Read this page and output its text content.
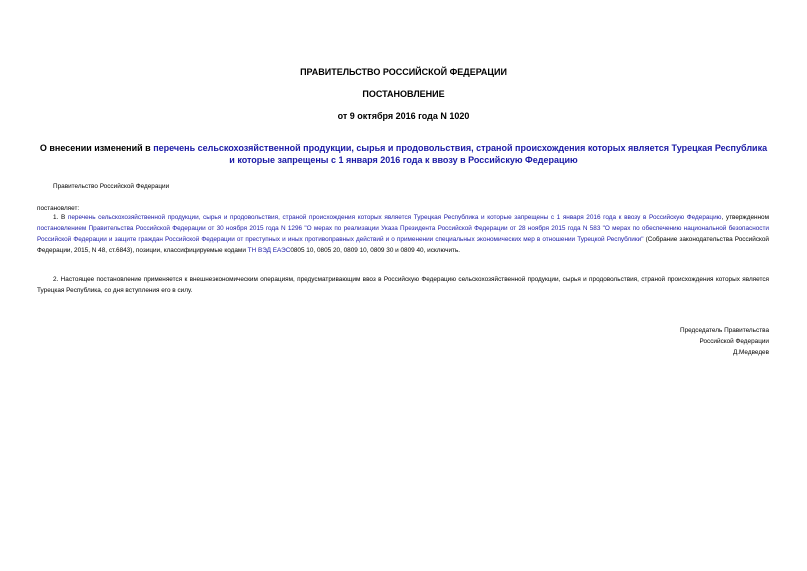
ПРАВИТЕЛЬСТВО РОССИЙСКОЙ ФЕДЕРАЦИИ
ПОСТАНОВЛЕНИЕ
от 9 октября 2016 года N 1020
О внесении изменений в перечень сельскохозяйственной продукции, сырья и продовольствия, страной происхождения которых является Турецкая Республика и которые запрещены с 1 января 2016 года к ввозу в Российскую Федерацию
Правительство Российской Федерации
постановляет:
1. В перечень сельскохозяйственной продукции, сырья и продовольствия, страной происхождения которых является Турецкая Республика и которые запрещены с 1 января 2016 года к ввозу в Российскую Федерацию, утвержденном постановлением Правительства Российской Федерации от 30 ноября 2015 года N 1296 "О мерах по реализации Указа Президента Российской Федерации от 28 ноября 2015 года N 583 "О мерах по обеспечению национальной безопасности Российской Федерации и защите граждан Российской Федерации от преступных и иных противоправных действий и о применении специальных экономических мер в отношении Турецкой Республики" (Собрание законодательства Российской Федерации, 2015, N 48, ст.6843), позиции, классифицируемые кодами ТН ВЭД ЕАЭС0805 10, 0805 20, 0809 10, 0809 30 и 0809 40, исключить.
2. Настоящее постановление применяется к внешнеэкономическим операциям, предусматривающим ввоз в Российскую Федерацию сельскохозяйственной продукции, сырья и продовольствия, страной происхождения которых является Турецкая Республика, со дня вступления его в силу.
Председатель Правительства
Российской Федерации
Д.Медведев
